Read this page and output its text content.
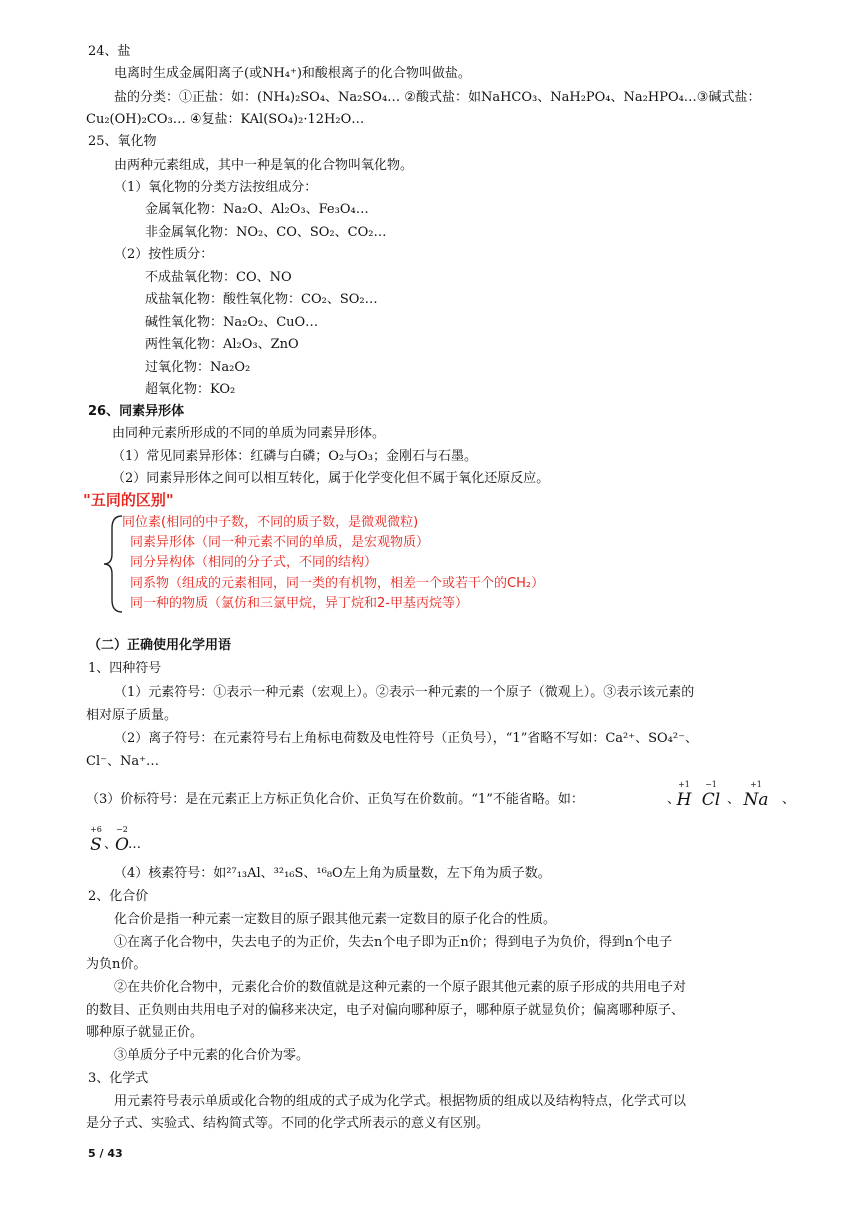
24、盐
电离时生成金属阳离子(或NH₄⁺)和酸根离子的化合物叫做盐。
盐的分类：①正盐：如：(NH₄)₂SO₄、Na₂SO₄… ②酸式盐：如NaHCO₃、NaH₂PO₄、Na₂HPO₄…③碱式盐：
Cu₂(OH)₂CO₃… ④复盐：KAl(SO₄)₂·12H₂O…
25、氧化物
由两种元素组成，其中一种是氧的化合物叫氧化物。
（1）氧化物的分类方法按组成分：
金属氧化物：Na₂O、Al₂O₃、Fe₃O₄…
非金属氧化物：NO₂、CO、SO₂、CO₂…
（2）按性质分：
不成盐氧化物：CO、NO
成盐氧化物：酸性氧化物：CO₂、SO₂…
碱性氧化物：Na₂O₂、CuO…
两性氧化物：Al₂O₃、ZnO
过氧化物：Na₂O₂
超氧化物：KO₂
26、同素异形体
由同种元素所形成的不同的单质为同素异形体。
（1）常见同素异形体：红磷与白磷；O₂与O₃；金刚石与石墨。
（2）同素异形体之间可以相互转化，属于化学变化但不属于氧化还原反应。
"五同的区别"
同位素(相同的中子数，不同的质子数，是微观微粒)
同素异形体（同一种元素不同的单质，是宏观物质）
同分异构体（相同的分子式，不同的结构）
同系物（组成的元素相同，同一类的有机物，相差一个或若干个的CH₂）
同一种的物质（氯仿和三氯甲烷，异丁烷和2-甲基丙烷等）
（二）正确使用化学用语
1、四种符号
（1）元素符号：①表示一种元素（宏观上）。②表示一种元素的一个原子（微观上）。③表示该元素的
相对原子质量。
（2）离子符号：在元素符号右上角标电荷数及电性符号（正负号），“1”省略不写如：Ca²⁺、SO₄²⁻、
Cl⁻、Na⁺…
（3）价标符号：是在元素正上方标正负化合价、正负写在价数前。“1”不能省略。如：	、	、	、
、 …
（4）核素符号：如²⁷₁₃Al、³²₁₆S、¹⁶₈O左上角为质量数，左下角为质子数。
2、化合价
化合价是指一种元素一定数目的原子跟其他元素一定数目的原子化合的性质。
①在离子化合物中，失去电子的为正价，失去n个电子即为正n价；得到电子为负价，得到n个电子
为负n价。
②在共价化合物中，元素化合价的数值就是这种元素的一个原子跟其他元素的原子形成的共用电子对
的数目、正负则由共用电子对的偏移来决定，电子对偏向哪种原子，哪种原子就显负价；偏离哪种原子、
哪种原子就显正价。
③单质分子中元素的化合价为零。
3、化学式
用元素符号表示单质或化合物的组成的式子成为化学式。根据物质的组成以及结构特点，化学式可以
是分子式、实验式、结构简式等。不同的化学式所表示的意义有区别。
+1
H
−1
Cl
+1
Na
+6
S
−2
O
5 / 43
